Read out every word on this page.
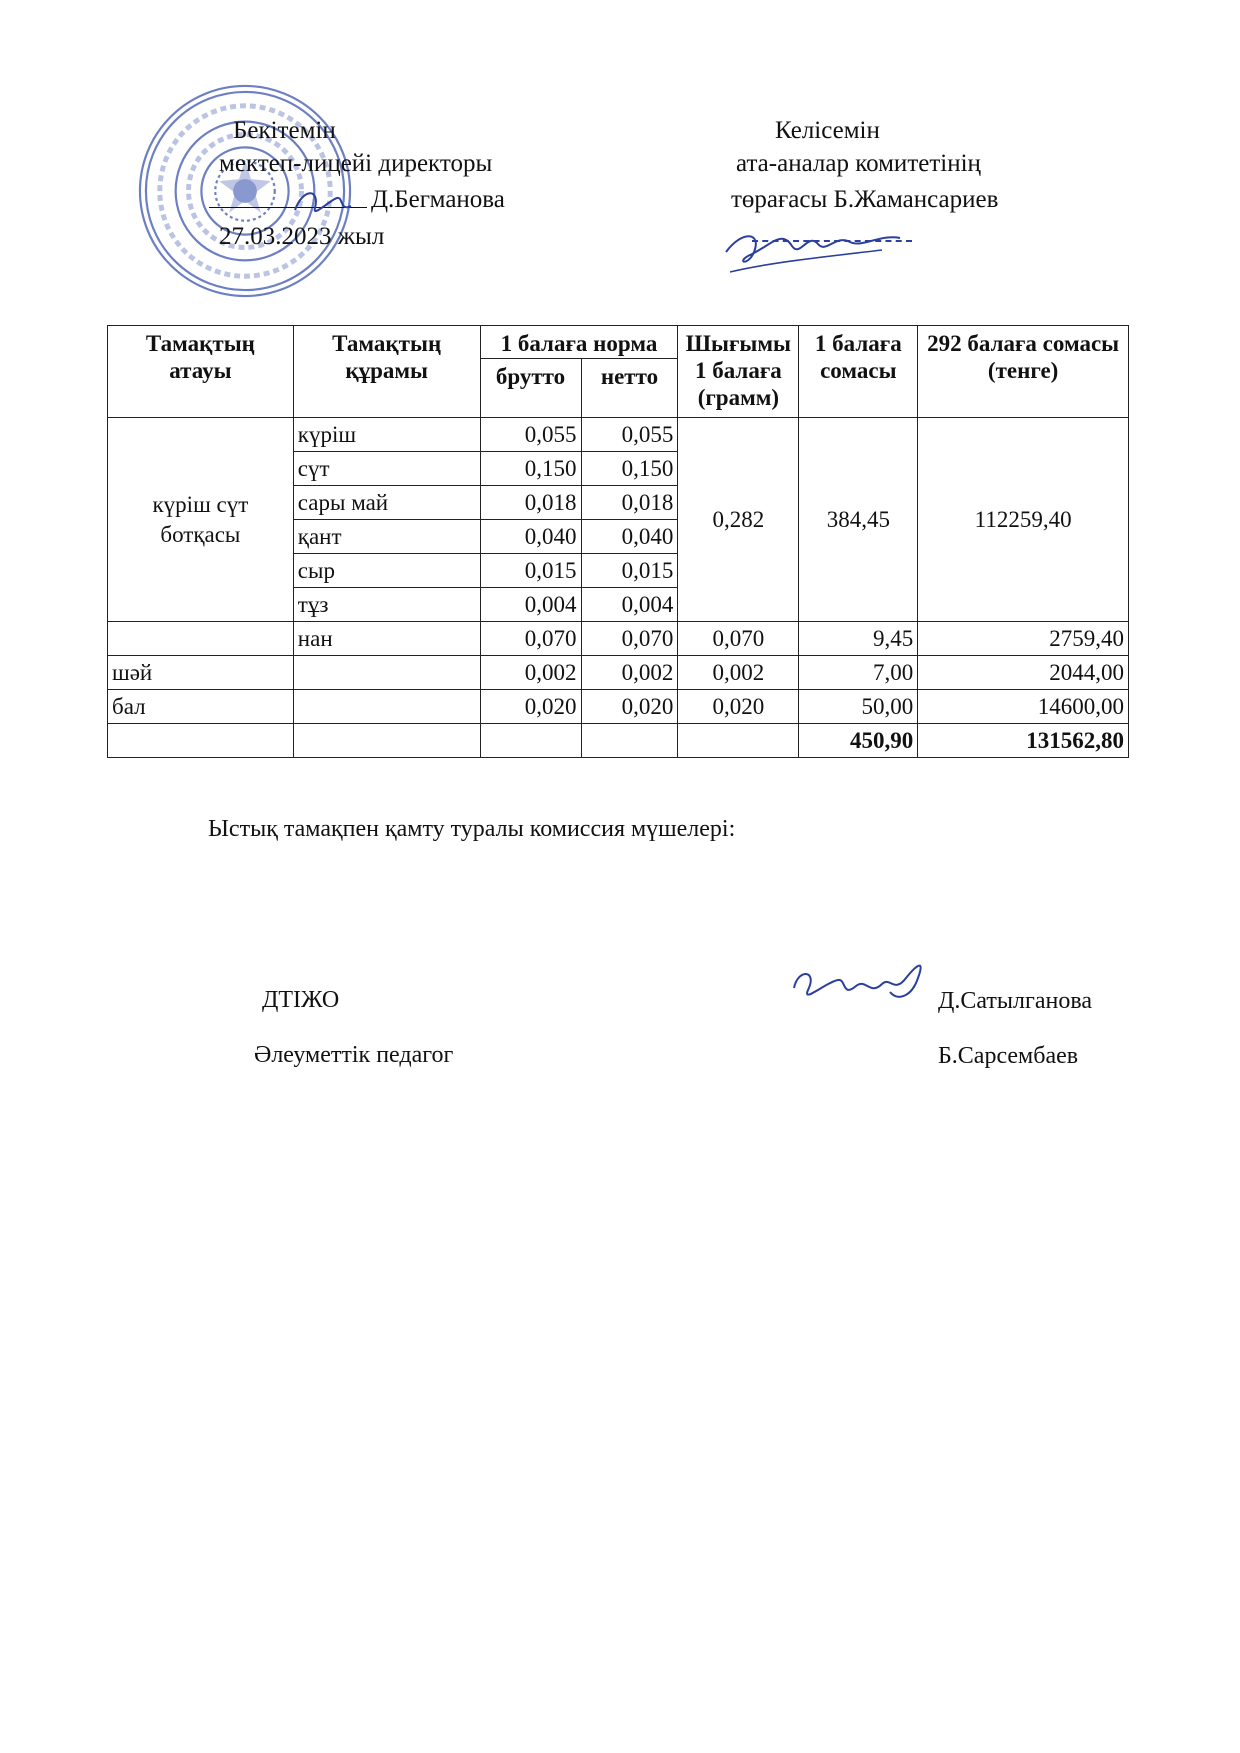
Бекітемін
мектеп-лицейі директоры
Д.Бегманова
27.03.2023 жыл
Келісемін
ата-аналар комитетінің
төрағасы Б.Жамансариев
Тамақтың атауы	Тамақтың құрамы	1 балаға норма		Шығымы 1 балаға (грамм)	1 балаға сомасы	292 балаға сомасы (тенге)
		брутто	нетто			
күріш сүт ботқасы	күріш	0,055	0,055	0,282	384,45	112259,40
	сүт	0,150	0,150			
	сары май	0,018	0,018			
	қант	0,040	0,040			
	сыр	0,015	0,015			
	тұз	0,004	0,004			
	нан	0,070	0,070	0,070	9,45	2759,40
шәй		0,002	0,002	0,002	7,00	2044,00
бал		0,020	0,020	0,020	50,00	14600,00
					450,90	131562,80
Ыстық тамақпен қамту туралы комиссия мүшелері:
ДТІЖО	Д.Сатылганова
Әлеуметтік педагог	Б.Сарсембаев
